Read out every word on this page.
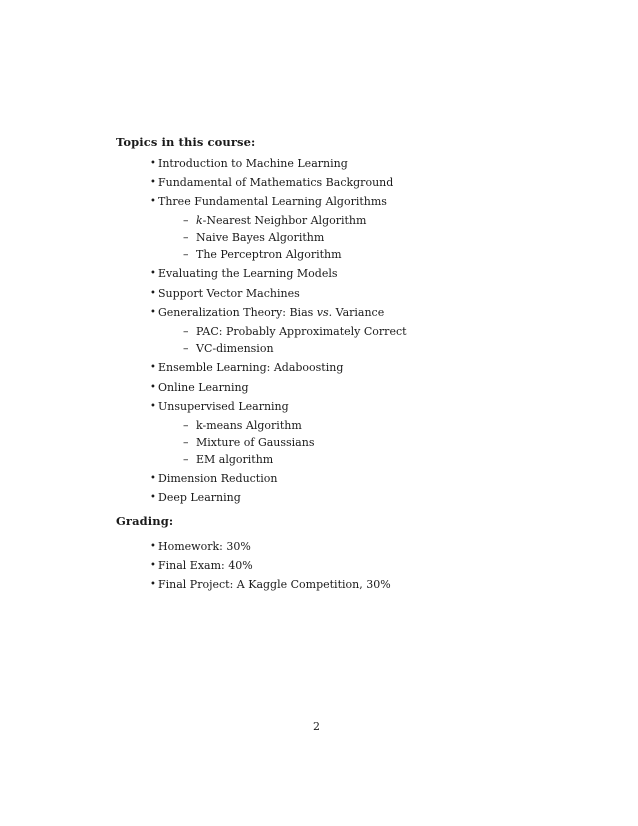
Topics in this course:
• Introduction to Machine Learning
• Fundamental of Mathematics Background
• Three Fundamental Learning Algorithms
– k-Nearest Neighbor Algorithm
– Naive Bayes Algorithm
– The Perceptron Algorithm
• Evaluating the Learning Models
• Support Vector Machines
• Generalization Theory: Bias vs. Variance
– PAC: Probably Approximately Correct
– VC-dimension
• Ensemble Learning: Adaboosting
• Online Learning
• Unsupervised Learning
– k-means Algorithm
– Mixture of Gaussians
– EM algorithm
• Dimension Reduction
• Deep Learning
Grading:
• Homework: 30%
• Final Exam: 40%
• Final Project: A Kaggle Competition, 30%
2
